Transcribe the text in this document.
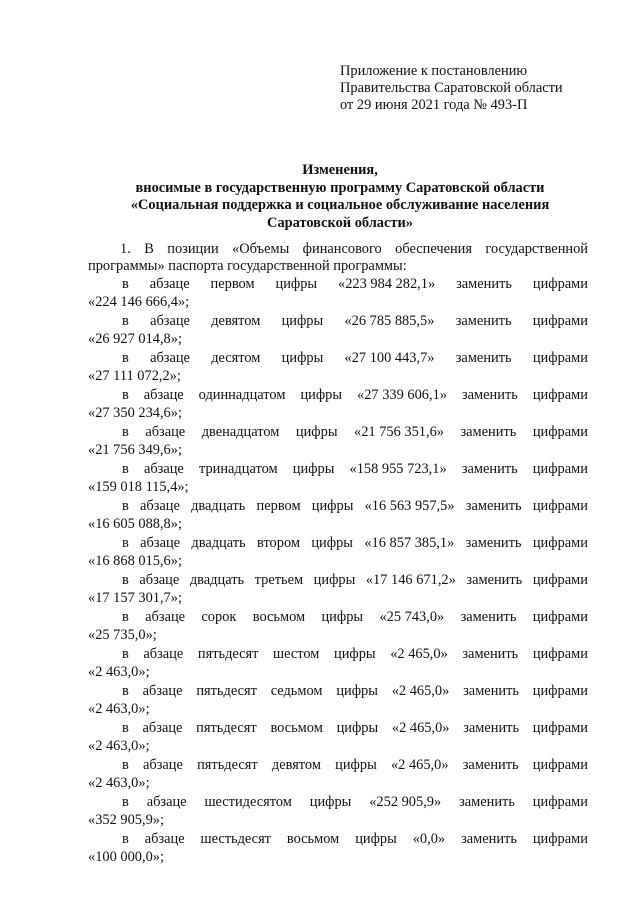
Приложение к постановлению
Правительства Саратовской области
от 29 июня 2021 года № 493-П
Изменения,
вносимые в государственную программу Саратовской области
«Социальная поддержка и социальное обслуживание населения
Саратовской области»
1. В позиции «Объемы финансового обеспечения государственной программы» паспорта государственной программы:
в абзаце первом цифры «223 984 282,1» заменить цифрами
«224 146 666,4»;
в абзаце девятом цифры «26 785 885,5» заменить цифрами
«26 927 014,8»;
в абзаце десятом цифры «27 100 443,7» заменить цифрами
«27 111 072,2»;
в абзаце одиннадцатом цифры «27 339 606,1» заменить цифрами
«27 350 234,6»;
в абзаце двенадцатом цифры «21 756 351,6» заменить цифрами
«21 756 349,6»;
в абзаце тринадцатом цифры «158 955 723,1» заменить цифрами
«159 018 115,4»;
в абзаце двадцать первом цифры «16 563 957,5» заменить цифрами
«16 605 088,8»;
в абзаце двадцать втором цифры «16 857 385,1» заменить цифрами
«16 868 015,6»;
в абзаце двадцать третьем цифры «17 146 671,2» заменить цифрами
«17 157 301,7»;
в абзаце сорок восьмом цифры «25 743,0» заменить цифрами
«25 735,0»;
в абзаце пятьдесят шестом цифры «2 465,0» заменить цифрами
«2 463,0»;
в абзаце пятьдесят седьмом цифры «2 465,0» заменить цифрами
«2 463,0»;
в абзаце пятьдесят восьмом цифры «2 465,0» заменить цифрами
«2 463,0»;
в абзаце пятьдесят девятом цифры «2 465,0» заменить цифрами
«2 463,0»;
в абзаце шестидесятом цифры «252 905,9» заменить цифрами
«352 905,9»;
в абзаце шестьдесят восьмом цифры «0,0» заменить цифрами
«100 000,0»;
